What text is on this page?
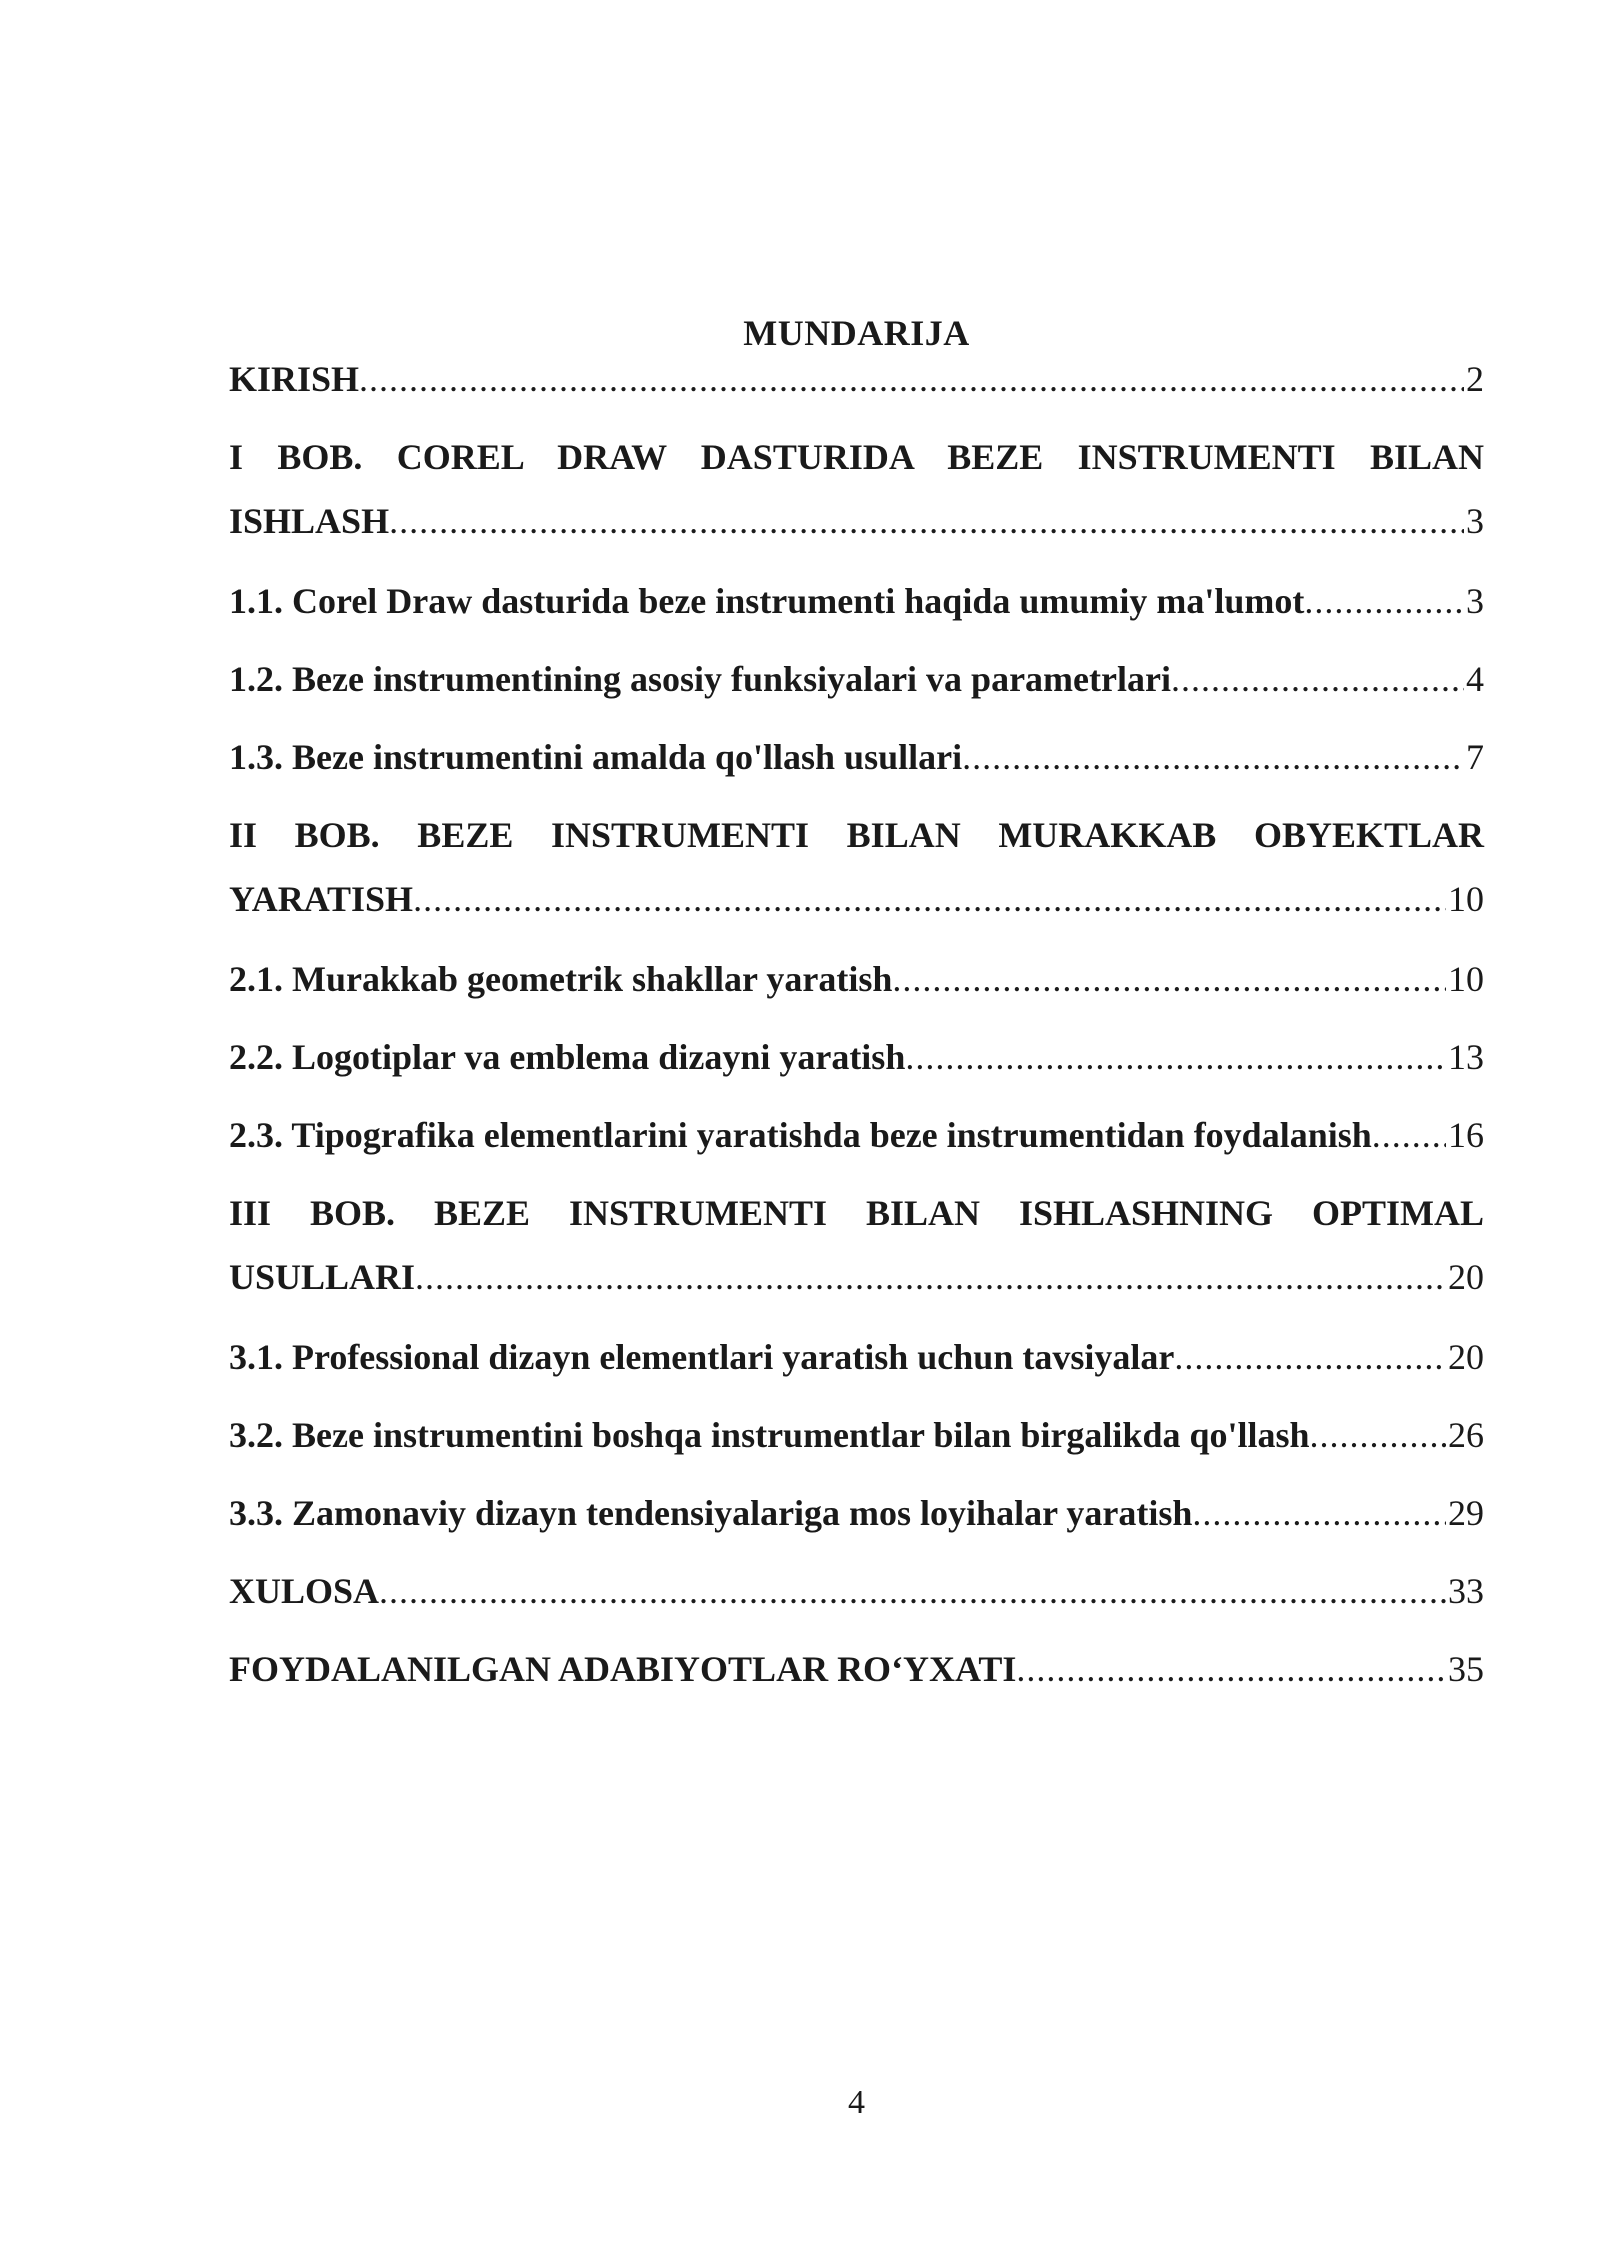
MUNDARIJA
KIRISH .....	2
I BOB. COREL DRAW DASTURIDA BEZE INSTRUMENTI BILAN
ISHLASH .....	3
1.1. Corel Draw dasturida beze instrumenti haqida umumiy ma'lumot .....	3
1.2. Beze instrumentining asosiy funksiyalari va parametrlari .....	4
1.3. Beze instrumentini amalda qo'llash usullari .....	7
II BOB. BEZE INSTRUMENTI BILAN MURAKKAB OBYEKTLAR
YARATISH .....	10
2.1. Murakkab geometrik shakllar yaratish .....	10
2.2. Logotiplar va emblema dizayni yaratish .....	13
2.3. Tipografika elementlarini yaratishda beze instrumentidan foydalanish ..... 16
III BOB. BEZE INSTRUMENTI BILAN ISHLASHNING OPTIMAL
USULLARI .....	20
3.1. Professional dizayn elementlari yaratish uchun tavsiyalar .....	20
3.2. Beze instrumentini boshqa instrumentlar bilan birgalikda qo'llash .....	26
3.3. Zamonaviy dizayn tendensiyalariga mos loyihalar yaratish .....	29
XULOSA .....	33
FOYDALANILGAN ADABIYOTLAR RO‘YXATI .....	35
4
